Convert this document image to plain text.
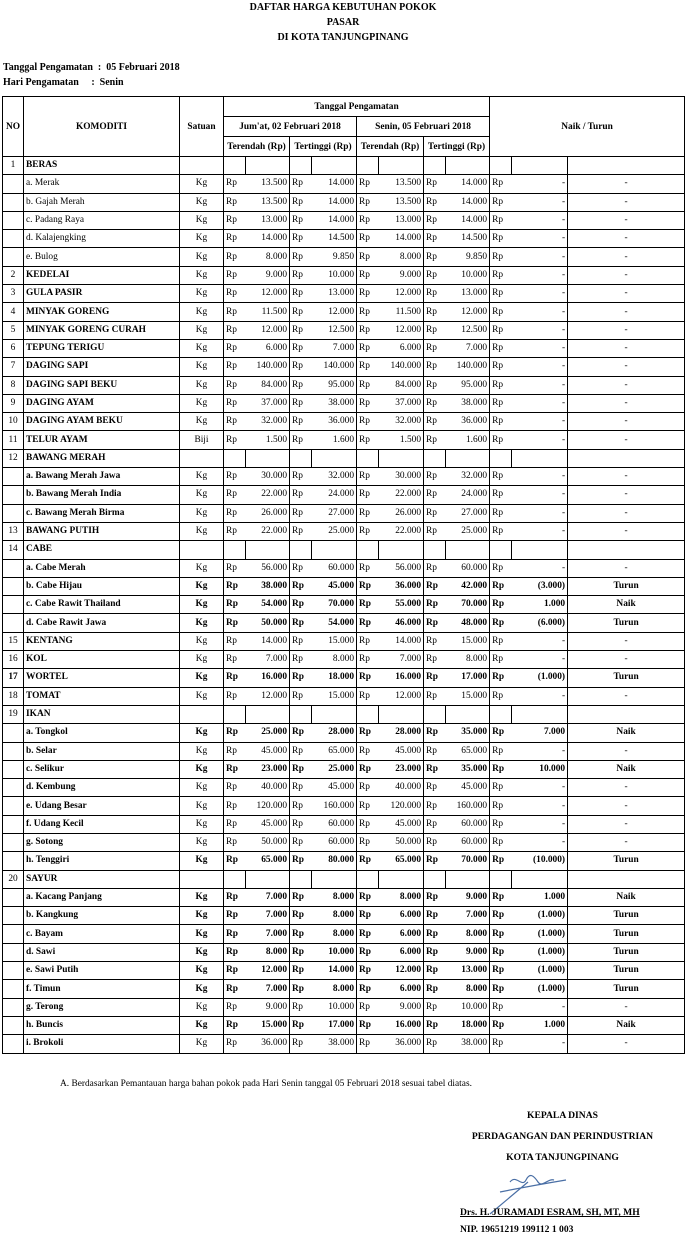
DAFTAR HARGA KEBUTUHAN POKOK
PASAR
DI KOTA TANJUNGPINANG
Tanggal Pengamatan  :  05 Februari 2018
Hari Pengamatan     :  Senin
NO	KOMODITI	Satuan	Tanggal Pengamatan								Naik / Turun		
			Jum'at, 02 Februari 2018				Senin, 05 Februari 2018						
			Terendah (Rp)		Tertinggi (Rp)		Terendah (Rp)		Tertinggi (Rp)				
1	BERAS												
	a. Merak	Kg	Rp	13.500	Rp	14.000	Rp	13.500	Rp	14.000	Rp	-	-
	b. Gajah Merah	Kg	Rp	13.500	Rp	14.000	Rp	13.500	Rp	14.000	Rp	-	-
	c. Padang Raya	Kg	Rp	13.000	Rp	14.000	Rp	13.000	Rp	14.000	Rp	-	-
	d. Kalajengking	Kg	Rp	14.000	Rp	14.500	Rp	14.000	Rp	14.500	Rp	-	-
	e. Bulog	Kg	Rp	8.000	Rp	9.850	Rp	8.000	Rp	9.850	Rp	-	-
2	KEDELAI	Kg	Rp	9.000	Rp	10.000	Rp	9.000	Rp	10.000	Rp	-	-
3	GULA PASIR	Kg	Rp	12.000	Rp	13.000	Rp	12.000	Rp	13.000	Rp	-	-
4	MINYAK GORENG	Kg	Rp	11.500	Rp	12.000	Rp	11.500	Rp	12.000	Rp	-	-
5	MINYAK GORENG CURAH	Kg	Rp	12.000	Rp	12.500	Rp	12.000	Rp	12.500	Rp	-	-
6	TEPUNG TERIGU	Kg	Rp	6.000	Rp	7.000	Rp	6.000	Rp	7.000	Rp	-	-
7	DAGING SAPI	Kg	Rp	140.000	Rp	140.000	Rp	140.000	Rp	140.000	Rp	-	-
8	DAGING SAPI BEKU	Kg	Rp	84.000	Rp	95.000	Rp	84.000	Rp	95.000	Rp	-	-
9	DAGING AYAM	Kg	Rp	37.000	Rp	38.000	Rp	37.000	Rp	38.000	Rp	-	-
10	DAGING AYAM BEKU	Kg	Rp	32.000	Rp	36.000	Rp	32.000	Rp	36.000	Rp	-	-
11	TELUR AYAM	Biji	Rp	1.500	Rp	1.600	Rp	1.500	Rp	1.600	Rp	-	-
12	BAWANG MERAH												
	a. Bawang Merah Jawa	Kg	Rp	30.000	Rp	32.000	Rp	30.000	Rp	32.000	Rp	-	-
	b. Bawang Merah India	Kg	Rp	22.000	Rp	24.000	Rp	22.000	Rp	24.000	Rp	-	-
	c. Bawang Merah Birma	Kg	Rp	26.000	Rp	27.000	Rp	26.000	Rp	27.000	Rp	-	-
13	BAWANG PUTIH	Kg	Rp	22.000	Rp	25.000	Rp	22.000	Rp	25.000	Rp	-	-
14	CABE												
	a. Cabe Merah	Kg	Rp	56.000	Rp	60.000	Rp	56.000	Rp	60.000	Rp	-	-
	b. Cabe Hijau	Kg	Rp	38.000	Rp	45.000	Rp	36.000	Rp	42.000	Rp	(3.000)	Turun
	c. Cabe Rawit Thailand	Kg	Rp	54.000	Rp	70.000	Rp	55.000	Rp	70.000	Rp	1.000	Naik
	d. Cabe Rawit Jawa	Kg	Rp	50.000	Rp	54.000	Rp	46.000	Rp	48.000	Rp	(6.000)	Turun
15	KENTANG	Kg	Rp	14.000	Rp	15.000	Rp	14.000	Rp	15.000	Rp	-	-
16	KOL	Kg	Rp	7.000	Rp	8.000	Rp	7.000	Rp	8.000	Rp	-	-
17	WORTEL	Kg	Rp	16.000	Rp	18.000	Rp	16.000	Rp	17.000	Rp	(1.000)	Turun
18	TOMAT	Kg	Rp	12.000	Rp	15.000	Rp	12.000	Rp	15.000	Rp	-	-
19	IKAN												
	a. Tongkol	Kg	Rp	25.000	Rp	28.000	Rp	28.000	Rp	35.000	Rp	7.000	Naik
	b. Selar	Kg	Rp	45.000	Rp	65.000	Rp	45.000	Rp	65.000	Rp	-	-
	c. Selikur	Kg	Rp	23.000	Rp	25.000	Rp	23.000	Rp	35.000	Rp	10.000	Naik
	d. Kembung	Kg	Rp	40.000	Rp	45.000	Rp	40.000	Rp	45.000	Rp	-	-
	e. Udang Besar	Kg	Rp	120.000	Rp	160.000	Rp	120.000	Rp	160.000	Rp	-	-
	f. Udang Kecil	Kg	Rp	45.000	Rp	60.000	Rp	45.000	Rp	60.000	Rp	-	-
	g. Sotong	Kg	Rp	50.000	Rp	60.000	Rp	50.000	Rp	60.000	Rp	-	-
	h. Tenggiri	Kg	Rp	65.000	Rp	80.000	Rp	65.000	Rp	70.000	Rp	(10.000)	Turun
20	SAYUR												
	a. Kacang Panjang	Kg	Rp	7.000	Rp	8.000	Rp	8.000	Rp	9.000	Rp	1.000	Naik
	b. Kangkung	Kg	Rp	7.000	Rp	8.000	Rp	6.000	Rp	7.000	Rp	(1.000)	Turun
	c. Bayam	Kg	Rp	7.000	Rp	8.000	Rp	6.000	Rp	8.000	Rp	(1.000)	Turun
	d. Sawi	Kg	Rp	8.000	Rp	10.000	Rp	6.000	Rp	9.000	Rp	(1.000)	Turun
	e. Sawi Putih	Kg	Rp	12.000	Rp	14.000	Rp	12.000	Rp	13.000	Rp	(1.000)	Turun
	f. Timun	Kg	Rp	7.000	Rp	8.000	Rp	6.000	Rp	8.000	Rp	(1.000)	Turun
	g. Terong	Kg	Rp	9.000	Rp	10.000	Rp	9.000	Rp	10.000	Rp	-	-
	h. Buncis	Kg	Rp	15.000	Rp	17.000	Rp	16.000	Rp	18.000	Rp	1.000	Naik
	i. Brokoli	Kg	Rp	36.000	Rp	38.000	Rp	36.000	Rp	38.000	Rp	-	-
A. Berdasarkan Pemantauan harga bahan pokok pada Hari Senin tanggal 05 Februari 2018 sesuai tabel diatas.
KEPALA DINAS
PERDAGANGAN DAN PERINDUSTRIAN
KOTA TANJUNGPINANG
Drs. H. JURAMADI ESRAM, SH, MT, MH
NIP. 19651219 199112 1 003
